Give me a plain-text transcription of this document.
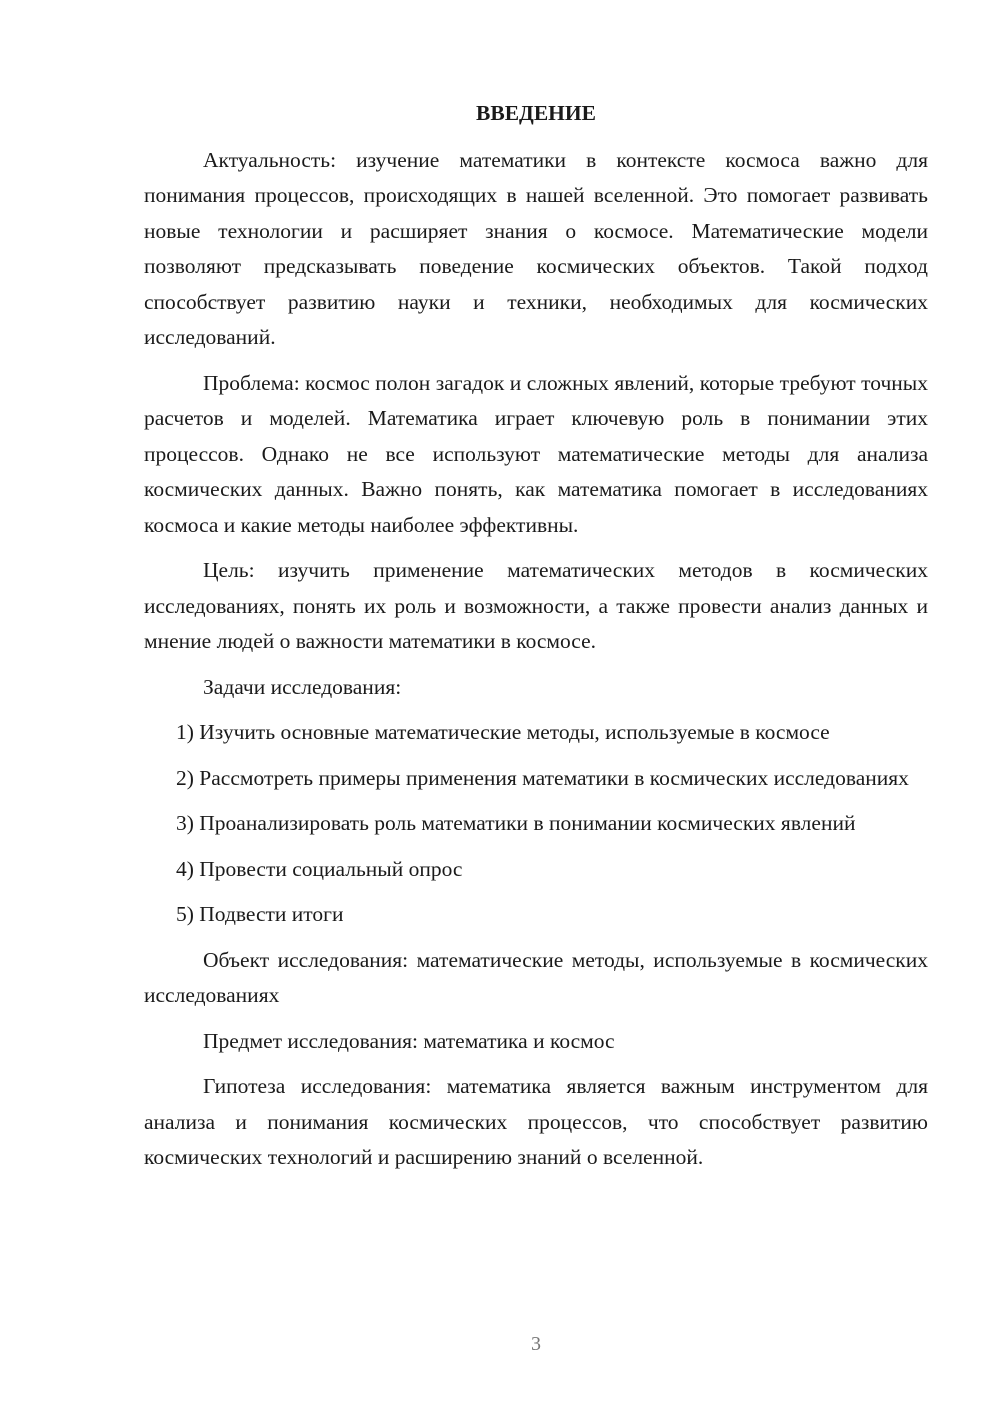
ВВЕДЕНИЕ

Актуальность: изучение математики в контексте космоса важно для понимания процессов, происходящих в нашей вселенной. Это помогает развивать новые технологии и расширяет знания о космосе. Математические модели позволяют предсказывать поведение космических объектов. Такой подход способствует развитию науки и техники, необходимых для космических исследований.

Проблема: космос полон загадок и сложных явлений, которые требуют точных расчетов и моделей. Математика играет ключевую роль в понимании этих процессов. Однако не все используют математические методы для анализа космических данных. Важно понять, как математика помогает в исследованиях космоса и какие методы наиболее эффективны.

Цель: изучить применение математических методов в космических исследованиях, понять их роль и возможности, а также провести анализ данных и мнение людей о важности математики в космосе.

Задачи исследования:

1) Изучить основные математические методы, используемые в космосе

2) Рассмотреть примеры применения математики в космических исследованиях

3) Проанализировать роль математики в понимании космических явлений

4) Провести социальный опрос

5) Подвести итоги

Объект исследования: математические методы, используемые в космических исследованиях

Предмет исследования: математика и космос

Гипотеза исследования: математика является важным инструментом для анализа и понимания космических процессов, что способствует развитию космических технологий и расширению знаний о вселенной.

3
